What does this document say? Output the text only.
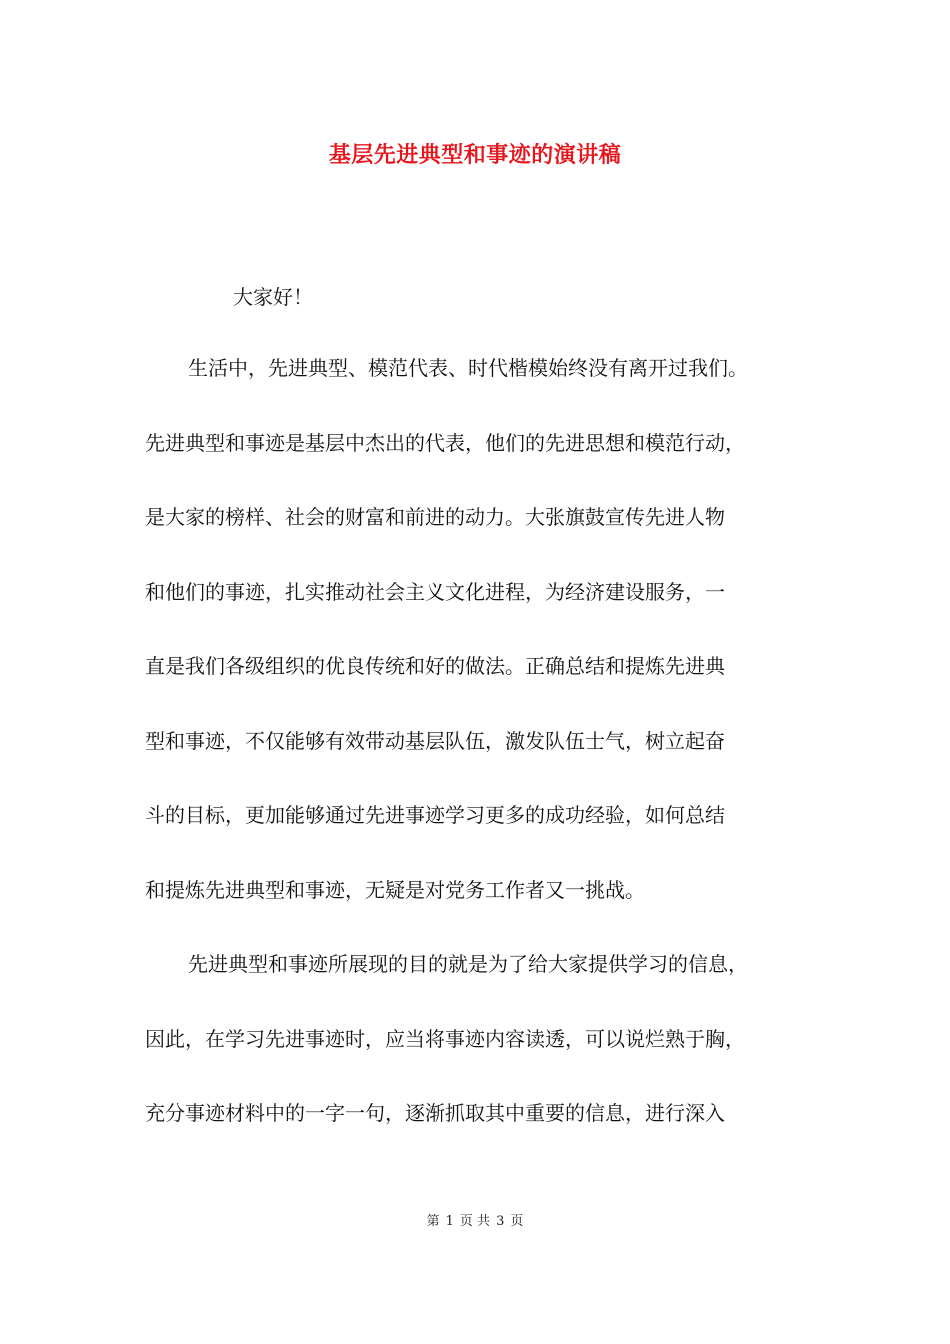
基层先进典型和事迹的演讲稿
大家好！
生活中，先进典型、模范代表、时代楷模始终没有离开过我们。
先进典型和事迹是基层中杰出的代表，他们的先进思想和模范行动，
是大家的榜样、社会的财富和前进的动力。大张旗鼓宣传先进人物
和他们的事迹，扎实推动社会主义文化进程，为经济建设服务，一
直是我们各级组织的优良传统和好的做法。正确总结和提炼先进典
型和事迹，不仅能够有效带动基层队伍，激发队伍士气，树立起奋
斗的目标，更加能够通过先进事迹学习更多的成功经验，如何总结
和提炼先进典型和事迹，无疑是对党务工作者又一挑战。
先进典型和事迹所展现的目的就是为了给大家提供学习的信息，
因此，在学习先进事迹时，应当将事迹内容读透，可以说烂熟于胸，
充分事迹材料中的一字一句，逐渐抓取其中重要的信息，进行深入
第 1 页 共 3 页
